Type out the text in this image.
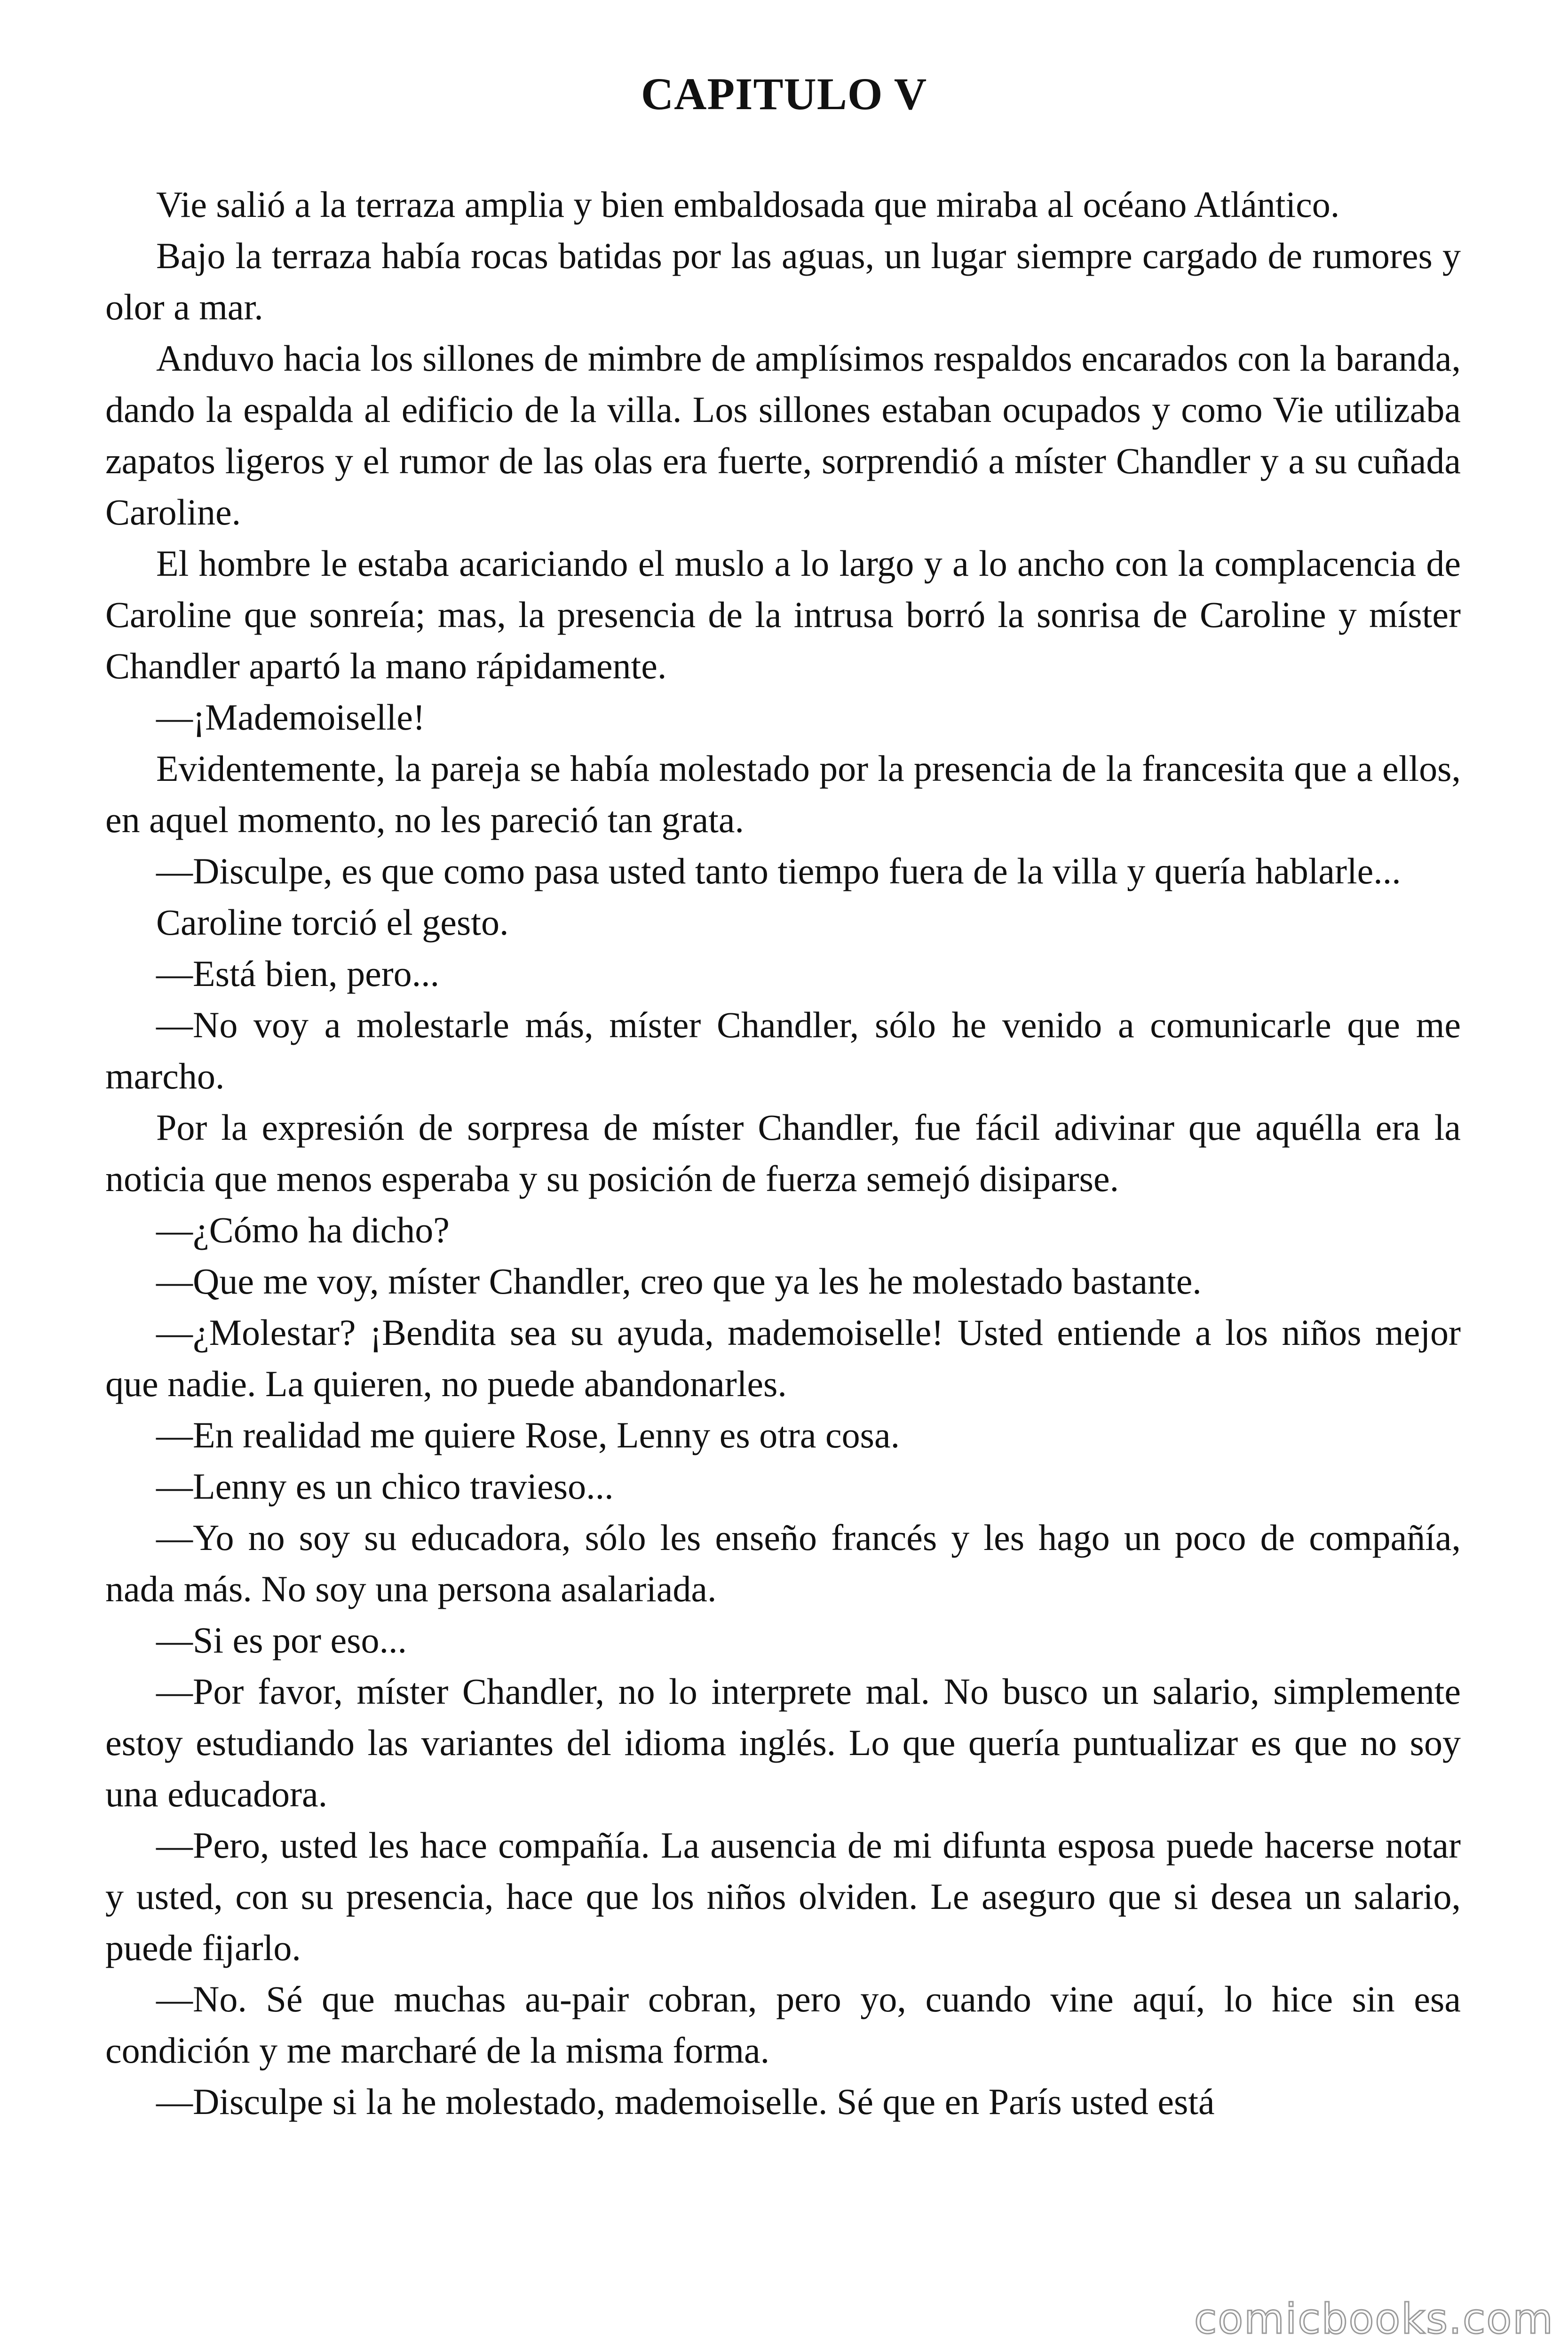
CAPITULO V

Vie salió a la terraza amplia y bien embaldosada que miraba al océano Atlántico.

Bajo la terraza había rocas batidas por las aguas, un lugar siempre cargado de rumores y olor a mar.

Anduvo hacia los sillones de mimbre de amplísimos respaldos encarados con la baranda, dando la espalda al edificio de la villa. Los sillones estaban ocupados y como Vie utilizaba zapatos ligeros y el rumor de las olas era fuerte, sorprendió a míster Chandler y a su cuñada Caroline.

El hombre le estaba acariciando el muslo a lo largo y a lo ancho con la complacencia de Caroline que sonreía; mas, la presencia de la intrusa borró la sonrisa de Caroline y míster Chandler apartó la mano rápidamente.

—¡Mademoiselle!

Evidentemente, la pareja se había molestado por la presencia de la francesita que a ellos, en aquel momento, no les pareció tan grata.

—Disculpe, es que como pasa usted tanto tiempo fuera de la villa y quería hablarle...

Caroline torció el gesto.

—Está bien, pero...

—No voy a molestarle más, míster Chandler, sólo he venido a comunicarle que me marcho.

Por la expresión de sorpresa de míster Chandler, fue fácil adivinar que aquélla era la noticia que menos esperaba y su posición de fuerza semejó disiparse.

—¿Cómo ha dicho?

—Que me voy, míster Chandler, creo que ya les he molestado bastante.

—¿Molestar? ¡Bendita sea su ayuda, mademoiselle! Usted entiende a los niños mejor que nadie. La quieren, no puede abandonarles.

—En realidad me quiere Rose, Lenny es otra cosa.

—Lenny es un chico travieso...

—Yo no soy su educadora, sólo les enseño francés y les hago un poco de compañía, nada más. No soy una persona asalariada.

—Si es por eso...

—Por favor, míster Chandler, no lo interprete mal. No busco un salario, simplemente estoy estudiando las variantes del idioma inglés. Lo que quería puntualizar es que no soy una educadora.

—Pero, usted les hace compañía. La ausencia de mi difunta esposa puede hacerse notar y usted, con su presencia, hace que los niños olviden. Le aseguro que si desea un salario, puede fijarlo.

—No. Sé que muchas au-pair cobran, pero yo, cuando vine aquí, lo hice sin esa condición y me marcharé de la misma forma.

—Disculpe si la he molestado, mademoiselle. Sé que en París usted está

comicbooks.com
